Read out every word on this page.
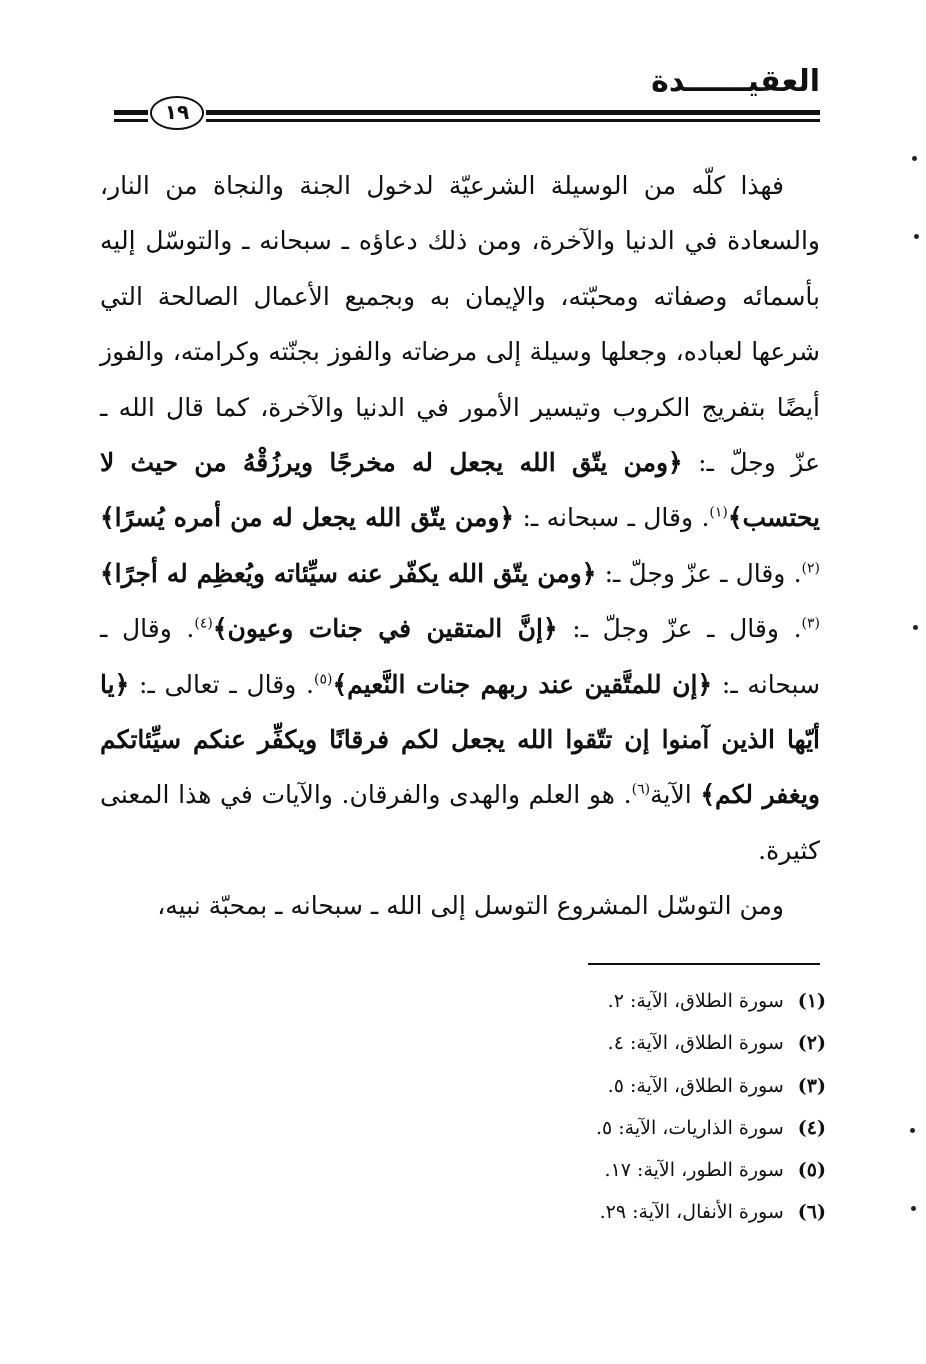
العقيــــــدة
١٩

فهذا كلّه من الوسيلة الشرعيّة لدخول الجنة والنجاة من النار، والسعادة في الدنيا والآخرة، ومن ذلك دعاؤه ـ سبحانه ـ والتوسّل إليه بأسمائه وصفاته ومحبّته، والإيمان به وبجميع الأعمال الصالحة التي شرعها لعباده، وجعلها وسيلة إلى مرضاته والفوز بجنّته وكرامته، والفوز أيضًا بتفريج الكروب وتيسير الأمور في الدنيا والآخرة، كما قال الله ـ عزّ وجلّ ـ: ﴿ومن يتّق الله يجعل له مخرجًا ويرزُقْهُ من حيث لا يحتسب﴾$^{(١)}$. وقال ـ سبحانه ـ: ﴿ومن يتّق الله يجعل له من أمره يُسرًا﴾$^{(٢)}$. وقال ـ عزّ وجلّ ـ: ﴿ومن يتّق الله يكفّر عنه سيِّئاته ويُعظِم له أجرًا﴾$^{(٣)}$. وقال ـ عزّ وجلّ ـ: ﴿إنَّ المتقين في جنات وعيون﴾$^{(٤)}$. وقال ـ سبحانه ـ: ﴿إن للمتَّقين عند ربهم جنات النَّعيم﴾$^{(٥)}$. وقال ـ تعالى ـ: ﴿يا أيّها الذين آمنوا إن تتّقوا الله يجعل لكم فرقانًا ويكفِّر عنكم سيِّئاتكم ويغفر لكم﴾ الآية$^{(٦)}$. هو العلم والهدى والفرقان. والآيات في هذا المعنى كثيرة.

ومن التوسّل المشروع التوسل إلى الله ـ سبحانه ـ بمحبّة نبيه،

(١)سورة الطلاق، الآية: ٢.
(٢)سورة الطلاق، الآية: ٤.
(٣)سورة الطلاق، الآية: ٥.
(٤)سورة الذاريات، الآية: ٥.
(٥)سورة الطور، الآية: ١٧.
(٦)سورة الأنفال، الآية: ٢٩.
